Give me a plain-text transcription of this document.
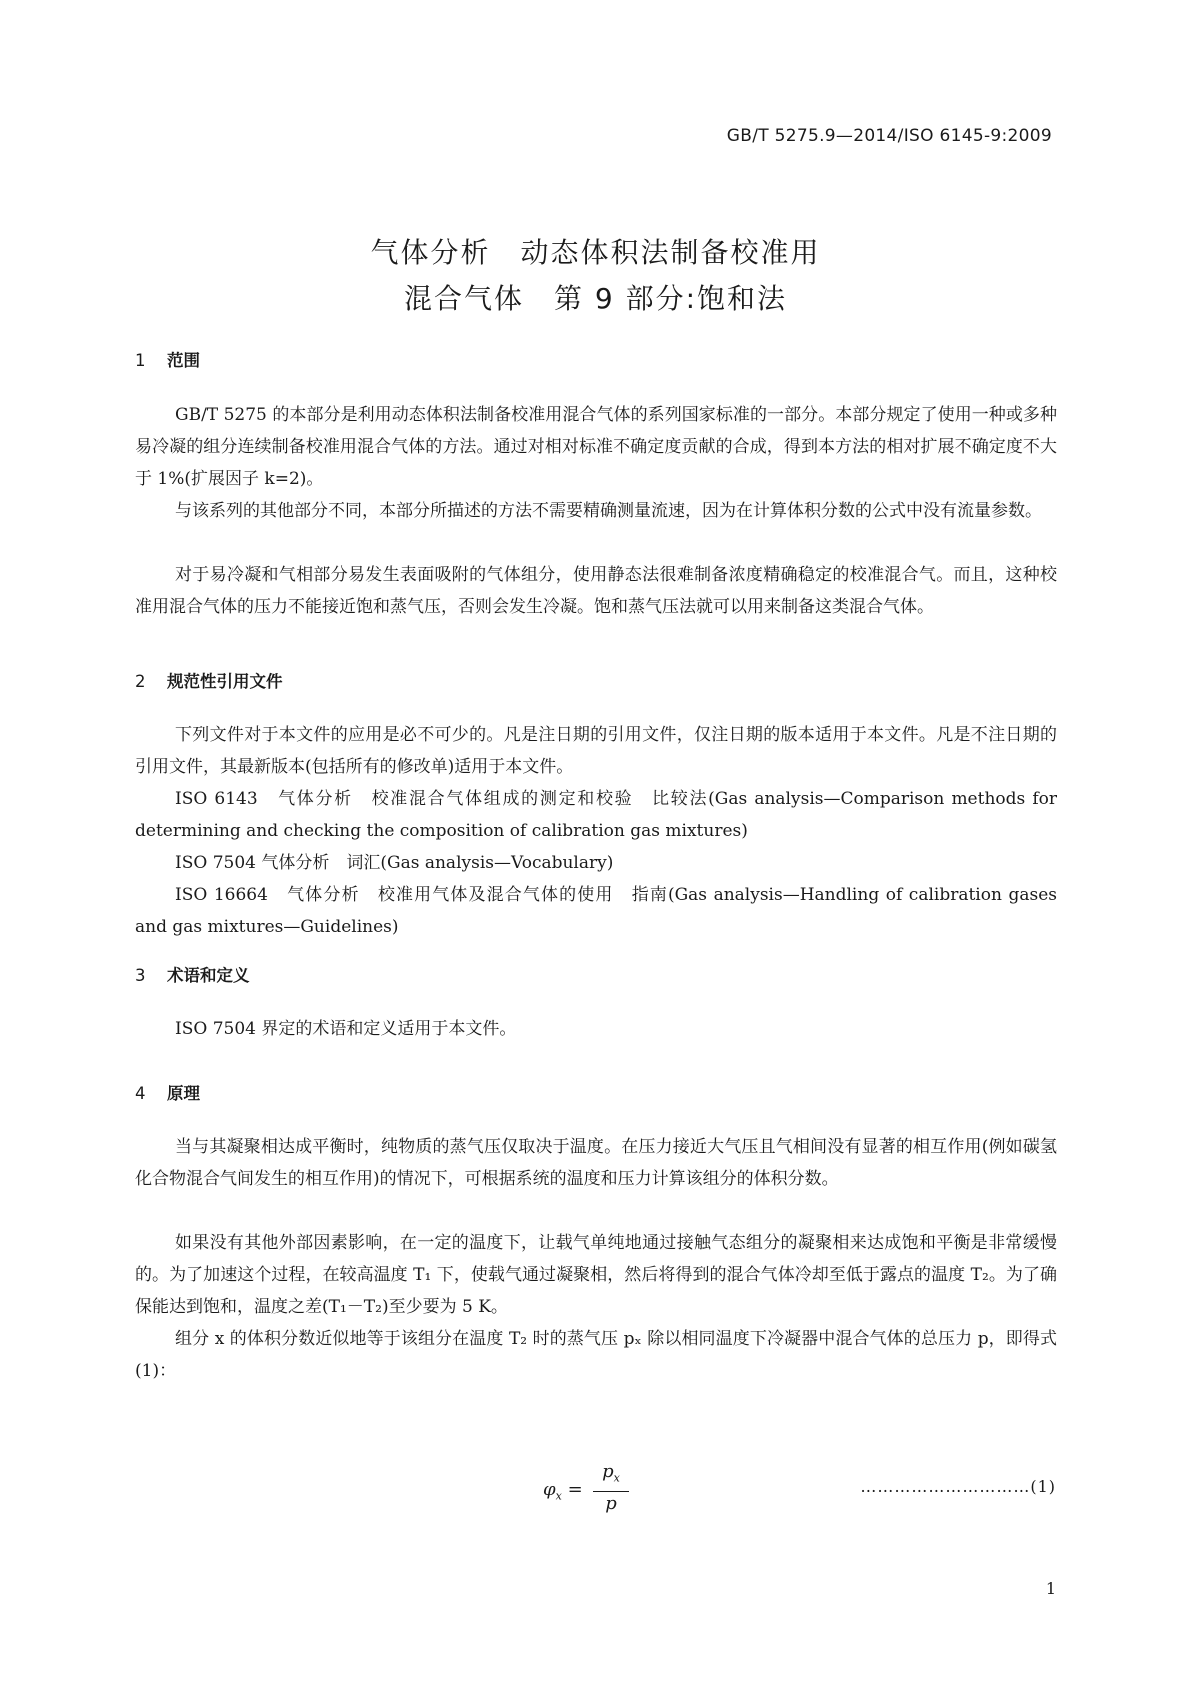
GB/T 5275.9—2014/ISO 6145-9:2009
气体分析　动态体积法制备校准用
混合气体　第 9 部分:饱和法
1 范围

GB/T 5275 的本部分是利用动态体积法制备校准用混合气体的系列国家标准的一部分。本部分规定了使用一种或多种易冷凝的组分连续制备校准用混合气体的方法。通过对相对标准不确定度贡献的合成，得到本方法的相对扩展不确定度不大于 1%(扩展因子 k=2)。

与该系列的其他部分不同，本部分所描述的方法不需要精确测量流速，因为在计算体积分数的公式中没有流量参数。

对于易冷凝和气相部分易发生表面吸附的气体组分，使用静态法很难制备浓度精确稳定的校准混合气。而且，这种校准用混合气体的压力不能接近饱和蒸气压，否则会发生冷凝。饱和蒸气压法就可以用来制备这类混合气体。

2 规范性引用文件

下列文件对于本文件的应用是必不可少的。凡是注日期的引用文件，仅注日期的版本适用于本文件。凡是不注日期的引用文件，其最新版本(包括所有的修改单)适用于本文件。

ISO 6143　气体分析　校准混合气体组成的测定和校验　比较法(Gas analysis—Comparison methods for determining and checking the composition of calibration gas mixtures)

ISO 7504 气体分析　词汇(Gas analysis—Vocabulary)

ISO 16664　气体分析　校准用气体及混合气体的使用　指南(Gas analysis—Handling of calibration gases and gas mixtures—Guidelines)

3 术语和定义

ISO 7504 界定的术语和定义适用于本文件。

4 原理

当与其凝聚相达成平衡时，纯物质的蒸气压仅取决于温度。在压力接近大气压且气相间没有显著的相互作用(例如碳氢化合物混合气间发生的相互作用)的情况下，可根据系统的温度和压力计算该组分的体积分数。

如果没有其他外部因素影响，在一定的温度下，让载气单纯地通过接触气态组分的凝聚相来达成饱和平衡是非常缓慢的。为了加速这个过程，在较高温度 T₁ 下，使载气通过凝聚相，然后将得到的混合气体冷却至低于露点的温度 T₂。为了确保能达到饱和，温度之差(T₁－T₂)至少要为 5 K。

组分 x 的体积分数近似地等于该组分在温度 T₂ 时的蒸气压 pₓ 除以相同温度下冷凝器中混合气体的总压力 p，即得式(1)：

$\varphi_x$ =
$p_x$
p
…………………………(1)
1
